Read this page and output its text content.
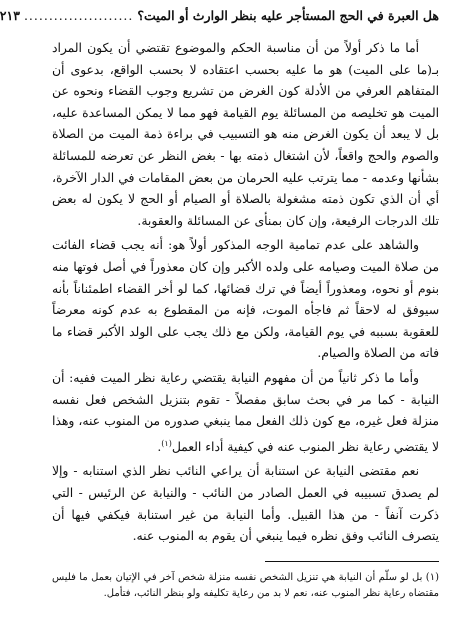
هل العبرة في الحج المستأجر عليه بنظر الوارث أو الميت؟
......................
٢١٣

أما ما ذكر أولاً من أن مناسبة الحكم والموضوع تقتضي أن يكون المراد بـ(ما على الميت) هو ما عليه بحسب اعتقاده لا بحسب الواقع، بدعوى أن المتفاهم العرفي من الأدلة كون الغرض من تشريع وجوب القضاء ونحوه عن الميت هو تخليصه من المسائلة يوم القيامة فهو مما لا يمكن المساعدة عليه، بل لا يبعد أن يكون الغرض منه هو التسبيب في براءة ذمة الميت من الصلاة والصوم والحج واقعاً، لأن اشتغال ذمته بها - بغض النظر عن تعرضه للمسائلة بشأنها وعدمه - مما يترتب عليه الحرمان من بعض المقامات في الدار الآخرة، أي أن الذي تكون ذمته مشغولة بالصلاة أو الصيام أو الحج لا يكون له بعض تلك الدرجات الرفيعة، وإن كان بمنأى عن المسائلة والعقوبة.

والشاهد على عدم تمامية الوجه المذكور أولاً هو: أنه يجب قضاء الفائت من صلاة الميت وصيامه على ولده الأكبر وإن كان معذوراً في أصل فوتها منه بنوم أو نحوه، ومعذوراً أيضاً في ترك قضائها، كما لو أخر القضاء اطمئناناً بأنه سيوفق له لاحقاً ثم فاجأه الموت، فإنه من المقطوع به عدم كونه معرضاً للعقوبة بسببه في يوم القيامة، ولكن مع ذلك يجب على الولد الأكبر قضاء ما فاته من الصلاة والصيام.

وأما ما ذكر ثانياً من أن مفهوم النيابة يقتضي رعاية نظر الميت ففيه: أن النيابة - كما مر في بحث سابق مفصلاً - تقوم بتنزيل الشخص فعل نفسه منزلة فعل غيره، مع كون ذلك الفعل مما ينبغي صدوره من المنوب عنه، وهذا لا يقتضي رعاية نظر المنوب عنه في كيفية أداء العمل$^{(١)}$.

نعم مقتضى النيابة عن استنابة أن يراعي النائب نظر الذي استنابه - وإلا لم يصدق تسبيبه في العمل الصادر من النائب - والنيابة عن الرئيس - التي ذكرت آنفاً - من هذا القبيل. وأما النيابة من غير استنابة فيكفي فيها أن يتصرف النائب وفق نظره فيما ينبغي أن يقوم به المنوب عنه.

(١) بل لو سلّم أن النيابة هي تنزيل الشخص نفسه منزلة شخص آخر في الإتيان بعمل ما فليس مقتضاه رعاية نظر المنوب عنه، نعم لا بد من رعاية تكليفه ولو بنظر النائب، فتأمل.
